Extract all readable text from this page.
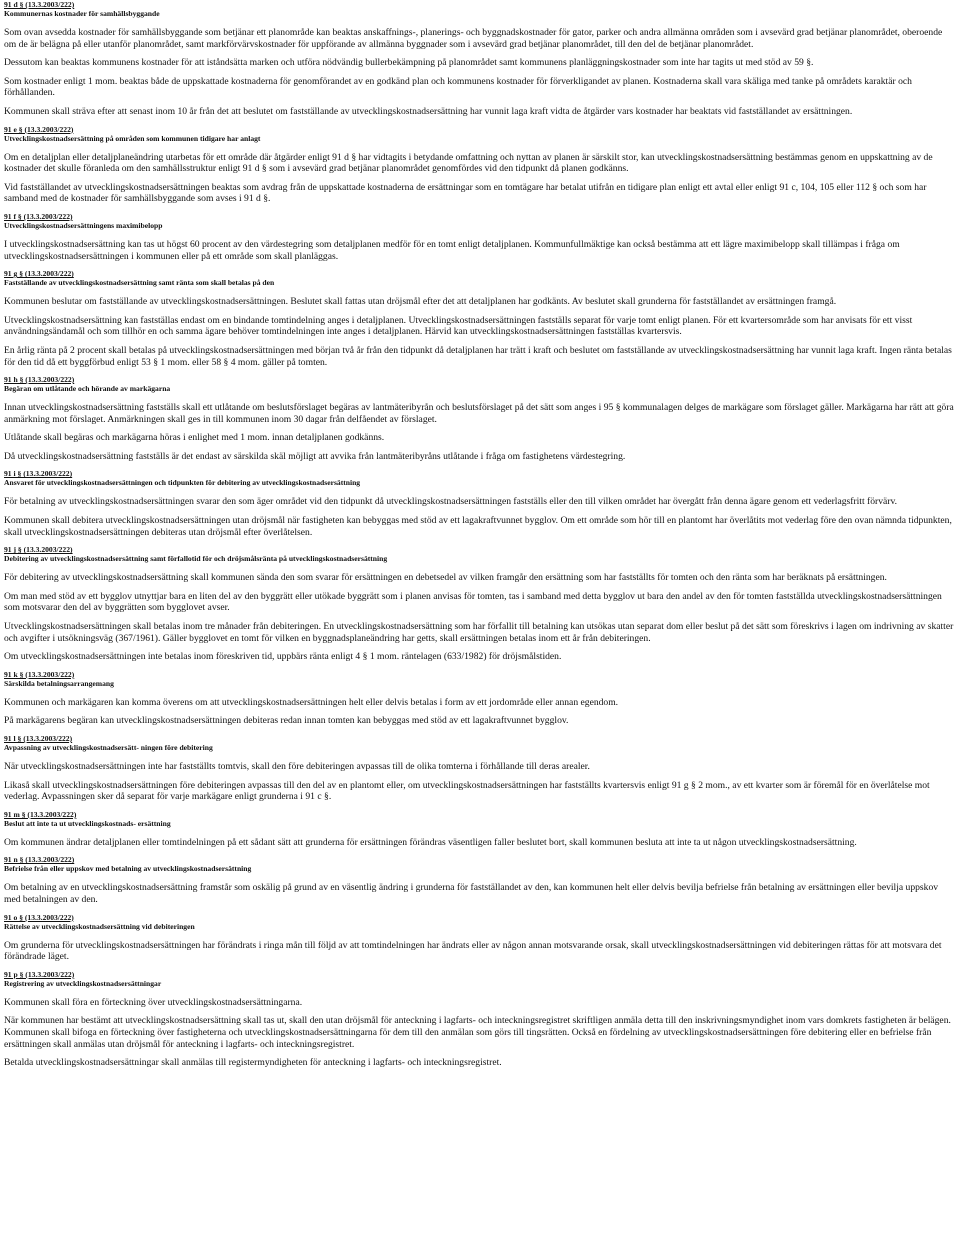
91 d § (13.3.2003/222)
Kommunernas kostnader för samhällsbyggande

Som ovan avsedda kostnader för samhällsbyggande som betjänar ett planområde kan beaktas anskaffnings-, planerings- och byggnadskostnader för gator, parker och andra allmänna områden som i avsevärd grad betjänar planområdet, oberoende om de är belägna på eller utanför planområdet, samt markförvärvskostnader för uppförande av allmänna byggnader som i avsevärd grad betjänar planområdet, till den del de betjänar planområdet.

Dessutom kan beaktas kommunens kostnader för att iståndsätta marken och utföra nödvändig bullerbekämpning på planområdet samt kommunens planläggningskostnader som inte har tagits ut med stöd av 59 §.

Som kostnader enligt 1 mom. beaktas både de uppskattade kostnaderna för genomförandet av en godkänd plan och kommunens kostnader för förverkligandet av planen. Kostnaderna skall vara skäliga med tanke på områdets karaktär och förhållanden.

Kommunen skall sträva efter att senast inom 10 år från det att beslutet om fastställande av utvecklingskostnadsersättning har vunnit laga kraft vidta de åtgärder vars kostnader har beaktats vid fastställandet av ersättningen.

91 e § (13.3.2003/222)
Utvecklingskostnadsersättning på områden som kommunen tidigare har anlagt

Om en detaljplan eller detaljplaneändring utarbetas för ett område där åtgärder enligt 91 d § har vidtagits i betydande omfattning och nyttan av planen är särskilt stor, kan utvecklingskostnadsersättning bestämmas genom en uppskattning av de kostnader det skulle föranleda om den samhällsstruktur enligt 91 d § som i avsevärd grad betjänar planområdet genomfördes vid den tidpunkt då planen godkänns.

Vid fastställandet av utvecklingskostnadsersättningen beaktas som avdrag från de uppskattade kostnaderna de ersättningar som en tomtägare har betalat utifrån en tidigare plan enligt ett avtal eller enligt 91 c, 104, 105 eller 112 § och som har samband med de kostnader för samhällsbyggande som avses i 91 d §.

91 f § (13.3.2003/222)
Utvecklingskostnadsersättningens maximibelopp

I utvecklingskostnadsersättning kan tas ut högst 60 procent av den värdestegring som detaljplanen medför för en tomt enligt detaljplanen. Kommunfullmäktige kan också bestämma att ett lägre maximibelopp skall tillämpas i fråga om utvecklingskostnadsersättningen i kommunen eller på ett område som skall planläggas.

91 g § (13.3.2003/222)
Fastställande av utvecklingskostnadsersättning samt ränta som skall betalas på den

Kommunen beslutar om fastställande av utvecklingskostnadsersättningen. Beslutet skall fattas utan dröjsmål efter det att detaljplanen har godkänts. Av beslutet skall grunderna för fastställandet av ersättningen framgå.

Utvecklingskostnadsersättning kan fastställas endast om en bindande tomtindelning anges i detaljplanen. Utvecklingskostnadsersättningen fastställs separat för varje tomt enligt planen. För ett kvartersområde som har anvisats för ett visst användningsändamål och som tillhör en och samma ägare behöver tomtindelningen inte anges i detaljplanen. Härvid kan utvecklingskostnadsersättningen fastställas kvartersvis.

En årlig ränta på 2 procent skall betalas på utvecklingskostnadsersättningen med början två år från den tidpunkt då detaljplanen har trätt i kraft och beslutet om fastställande av utvecklingskostnadsersättning har vunnit laga kraft. Ingen ränta betalas för den tid då ett byggförbud enligt 53 § 1 mom. eller 58 § 4 mom. gäller på tomten.

91 h § (13.3.2003/222)
Begäran om utlåtande och hörande av markägarna

Innan utvecklingskostnadsersättning fastställs skall ett utlåtande om beslutsförslaget begäras av lantmäteribyrån och beslutsförslaget på det sätt som anges i 95 § kommunalagen delges de markägare som förslaget gäller. Markägarna har rätt att göra anmärkning mot förslaget. Anmärkningen skall ges in till kommunen inom 30 dagar från delfåendet av förslaget.

Utlåtande skall begäras och markägarna höras i enlighet med 1 mom. innan detaljplanen godkänns.

Då utvecklingskostnadsersättning fastställs är det endast av särskilda skäl möjligt att avvika från lantmäteribyråns utlåtande i fråga om fastighetens värdestegring.

91 i § (13.3.2003/222)
Ansvaret för utvecklingskostnadsersättningen och tidpunkten för debitering av utvecklingskostnadsersättning

För betalning av utvecklingskostnadsersättningen svarar den som äger området vid den tidpunkt då utvecklingskostnadsersättningen fastställs eller den till vilken området har övergått från denna ägare genom ett vederlagsfritt förvärv.

Kommunen skall debitera utvecklingskostnadsersättningen utan dröjsmål när fastigheten kan bebyggas med stöd av ett lagakraftvunnet bygglov. Om ett område som hör till en plantomt har överlåtits mot vederlag före den ovan nämnda tidpunkten, skall utvecklingskostnadsersättningen debiteras utan dröjsmål efter överlåtelsen.

91 j § (13.3.2003/222)
Debitering av utvecklingskostnadsersättning samt förfallotid för och dröjsmålsränta på utvecklingskostnadsersättning

För debitering av utvecklingskostnadsersättning skall kommunen sända den som svarar för ersättningen en debetsedel av vilken framgår den ersättning som har fastställts för tomten och den ränta som har beräknats på ersättningen.

Om man med stöd av ett bygglov utnyttjar bara en liten del av den byggrätt eller utökade byggrätt som i planen anvisas för tomten, tas i samband med detta bygglov ut bara den andel av den för tomten fastställda utvecklingskostnadsersättningen som motsvarar den del av byggrätten som bygglovet avser.

Utvecklingskostnadsersättningen skall betalas inom tre månader från debiteringen. En utvecklingskostnadsersättning som har förfallit till betalning kan utsökas utan separat dom eller beslut på det sätt som föreskrivs i lagen om indrivning av skatter och avgifter i utsökningsväg (367/1961). Gäller bygglovet en tomt för vilken en byggnadsplaneändring har getts, skall ersättningen betalas inom ett år från debiteringen.

Om utvecklingskostnadsersättningen inte betalas inom föreskriven tid, uppbärs ränta enligt 4 § 1 mom. räntelagen (633/1982) för dröjsmålstiden.

91 k § (13.3.2003/222)
Särskilda betalningsarrangemang

Kommunen och markägaren kan komma överens om att utvecklingskostnadsersättningen helt eller delvis betalas i form av ett jordområde eller annan egendom.

På markägarens begäran kan utvecklingskostnadsersättningen debiteras redan innan tomten kan bebyggas med stöd av ett lagakraftvunnet bygglov.

91 l § (13.3.2003/222)
Avpassning av utvecklingskostnadsersätt- ningen före debitering

När utvecklingskostnadsersättningen inte har fastställts tomtvis, skall den före debiteringen avpassas till de olika tomterna i förhållande till deras arealer.

Likaså skall utvecklingskostnadsersättningen före debiteringen avpassas till den del av en plantomt eller, om utvecklingskostnadsersättningen har fastställts kvartersvis enligt 91 g § 2 mom., av ett kvarter som är föremål för en överlåtelse mot vederlag. Avpassningen sker då separat för varje markägare enligt grunderna i 91 c §.

91 m § (13.3.2003/222)
Beslut att inte ta ut utvecklingskostnads- ersättning

Om kommunen ändrar detaljplanen eller tomtindelningen på ett sådant sätt att grunderna för ersättningen förändras väsentligen faller beslutet bort, skall kommunen besluta att inte ta ut någon utvecklingskostnadsersättning.

91 n § (13.3.2003/222)
Befrielse från eller uppskov med betalning av utvecklingskostnadsersättning

Om betalning av en utvecklingskostnadsersättning framstår som oskälig på grund av en väsentlig ändring i grunderna för fastställandet av den, kan kommunen helt eller delvis bevilja befrielse från betalning av ersättningen eller bevilja uppskov med betalningen av den.

91 o § (13.3.2003/222)
Rättelse av utvecklingskostnadsersättning vid debiteringen

Om grunderna för utvecklingskostnadsersättningen har förändrats i ringa mån till följd av att tomtindelningen har ändrats eller av någon annan motsvarande orsak, skall utvecklingskostnadsersättningen vid debiteringen rättas för att motsvara det förändrade läget.

91 p § (13.3.2003/222)
Registrering av utvecklingskostnadsersättningar

Kommunen skall föra en förteckning över utvecklingskostnadsersättningarna.

När kommunen har bestämt att utvecklingskostnadsersättning skall tas ut, skall den utan dröjsmål för anteckning i lagfarts- och inteckningsregistret skriftligen anmäla detta till den inskrivningsmyndighet inom vars domkrets fastigheten är belägen. Kommunen skall bifoga en förteckning över fastigheterna och utvecklingskostnadsersättningarna för dem till den anmälan som görs till tingsrätten. Också en fördelning av utvecklingskostnadsersättningen före debitering eller en befrielse från ersättningen skall anmälas utan dröjsmål för anteckning i lagfarts- och inteckningsregistret.

Betalda utvecklingskostnadsersättningar skall anmälas till registermyndigheten för anteckning i lagfarts- och inteckningsregistret.
